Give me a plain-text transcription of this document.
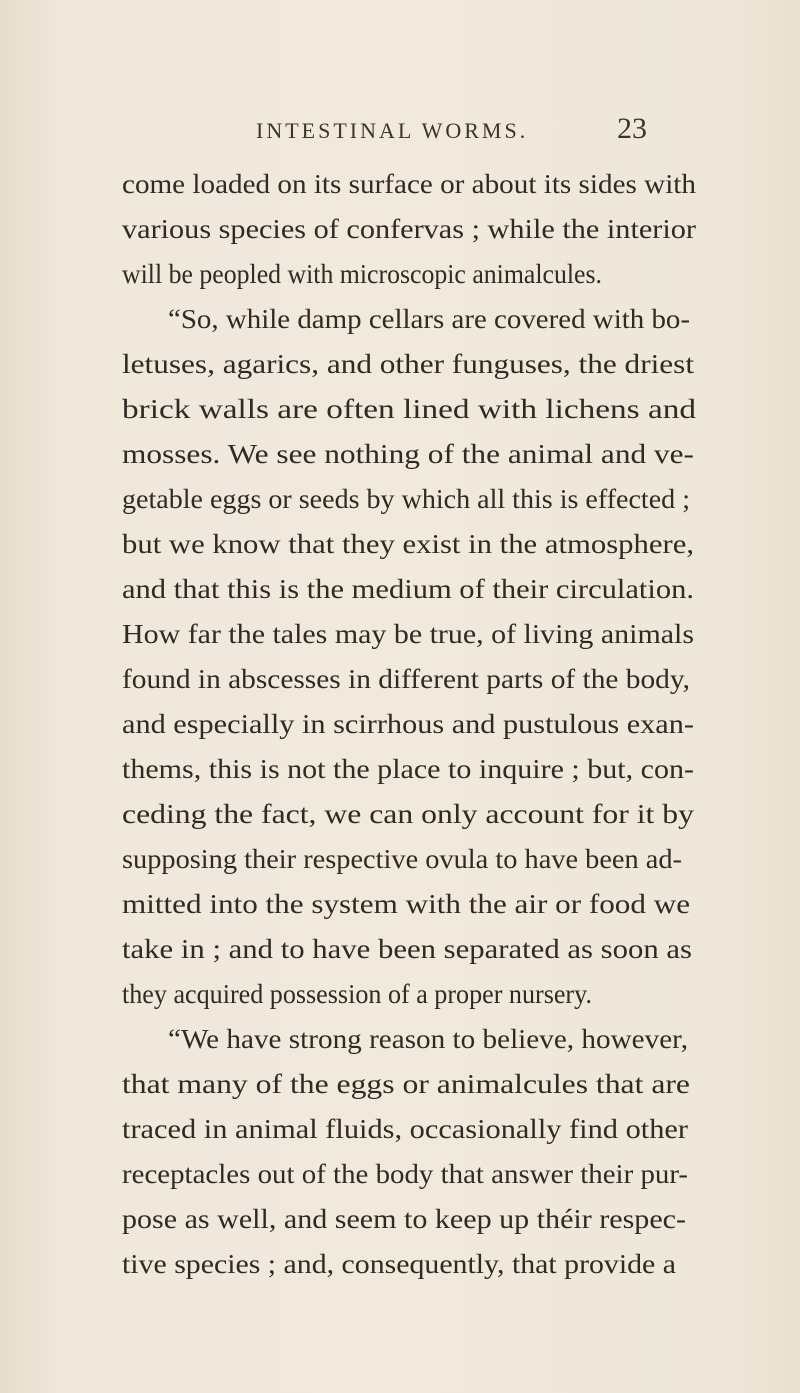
INTESTINAL WORMS.	23
come loaded on its surface or about its sides with
various species of confervas ; while the interior
will be peopled with microscopic animalcules.
“So, while damp cellars are covered with bo-
letuses, agarics, and other funguses, the driest
brick walls are often lined with lichens and
mosses. We see nothing of the animal and ve-
getable eggs or seeds by which all this is effected ;
but we know that they exist in the atmosphere,
and that this is the medium of their circulation.
How far the tales may be true, of living animals
found in abscesses in different parts of the body,
and especially in scirrhous and pustulous exan-
thems, this is not the place to inquire ; but, con-
ceding the fact, we can only account for it by
supposing their respective ovula to have been ad-
mitted into the system with the air or food we
take in ; and to have been separated as soon as
they acquired possession of a proper nursery.
“We have strong reason to believe, however,
that many of the eggs or animalcules that are
traced in animal fluids, occasionally find other
receptacles out of the body that answer their pur-
pose as well, and seem to keep up théir respec-
tive species ; and, consequently, that provide a
